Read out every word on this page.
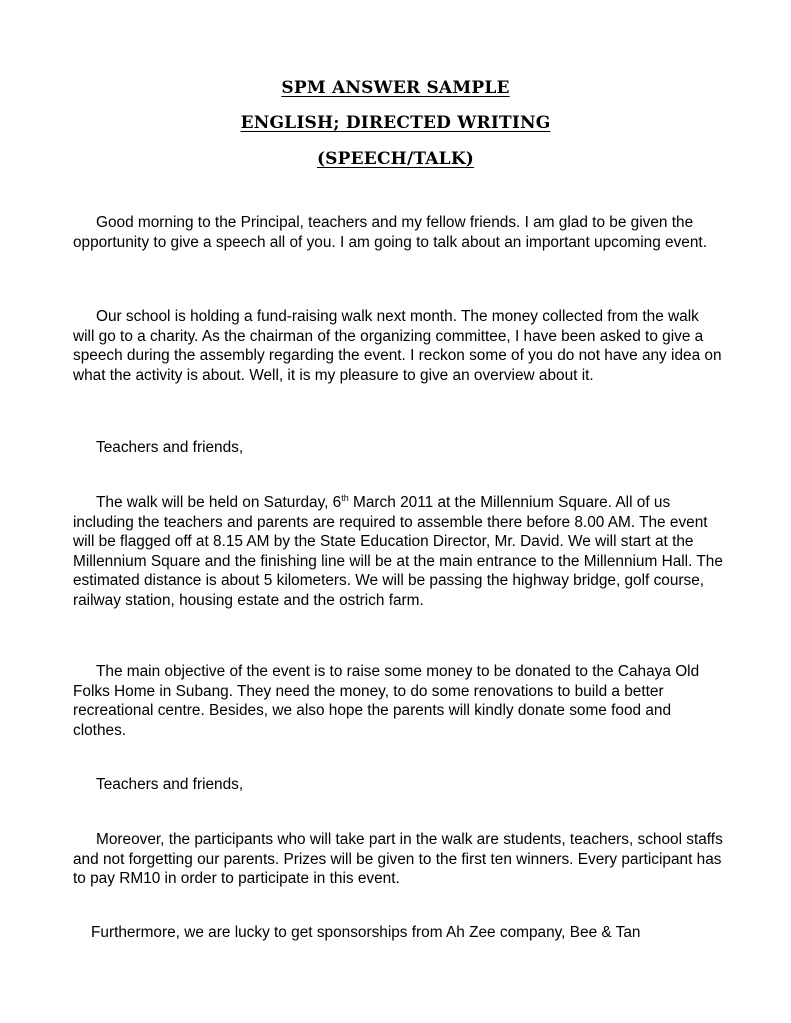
SPM ANSWER SAMPLE
ENGLISH; DIRECTED WRITING
(SPEECH/TALK)

Good morning to the Principal, teachers and my fellow friends. I am glad to be given the opportunity to give a speech all of you. I am going to talk about an important upcoming event.

Our school is holding a fund-raising walk next month. The money collected from the walk will go to a charity. As the chairman of the organizing committee, I have been asked to give a speech during the assembly regarding the event. I reckon some of you do not have any idea on what the activity is about. Well, it is my pleasure to give an overview about it.

Teachers and friends,

The walk will be held on Saturday, 6th March 2011 at the Millennium Square. All of us including the teachers and parents are required to assemble there before 8.00 AM. The event will be flagged off at 8.15 AM by the State Education Director, Mr. David. We will start at the Millennium Square and the finishing line will be at the main entrance to the Millennium Hall. The estimated distance is about 5 kilometers. We will be passing the highway bridge, golf course, railway station, housing estate and the ostrich farm.

The main objective of the event is to raise some money to be donated to the Cahaya Old Folks Home in Subang. They need the money, to do some renovations to build a better recreational centre. Besides, we also hope the parents will kindly donate some food and clothes.

Teachers and friends,

Moreover, the participants who will take part in the walk are students, teachers, school staffs and not forgetting our parents. Prizes will be given to the first ten winners. Every participant has to pay RM10 in order to participate in this event.

Furthermore, we are lucky to get sponsorships from Ah Zee company, Bee & Tan
